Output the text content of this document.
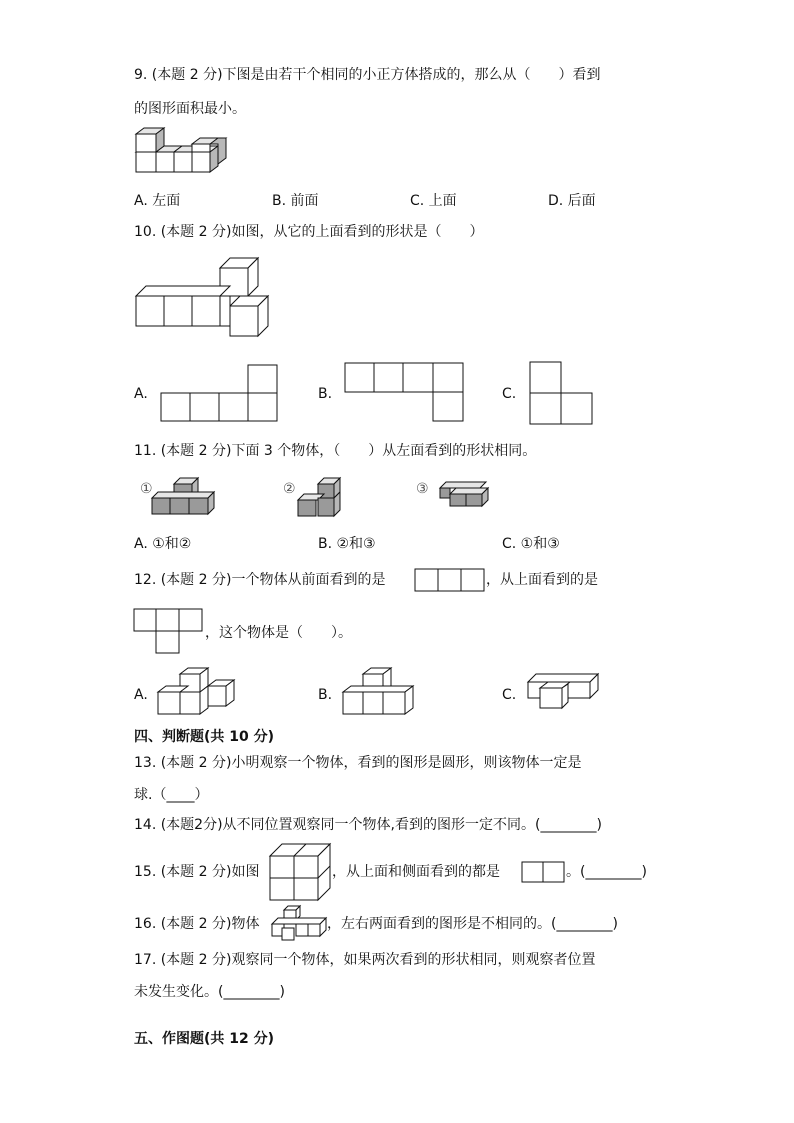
9. (本题 2 分)下图是由若干个相同的小正方体搭成的，那么从（　　）看到
的图形面积最小。
A. 左面	B. 前面	C. 上面	D. 后面
10. (本题 2 分)如图，从它的上面看到的形状是（　　）
A.	B.	C.
11. (本题 2 分)下面 3 个物体，（　　）从左面看到的形状相同。
①	②	③
A. ①和②	B. ②和③	C. ①和③
12. (本题 2 分)一个物体从前面看到的是	，从上面看到的是
，这个物体是（　　）。
A.	B.	C.
四、判断题(共 10 分)
13. (本题 2 分)小明观察一个物体，看到的图形是圆形，则该物体一定是
球.（____）
14. (本题2分)从不同位置观察同一个物体,看到的图形一定不同。(________)
15. (本题 2 分)如图	，从上面和侧面看到的都是	。(________)
16. (本题 2 分)物体	，左右两面看到的图形是不相同的。(________)
17. (本题 2 分)观察同一个物体，如果两次看到的形状相同，则观察者位置
未发生变化。(________)
五、作图题(共 12 分)
